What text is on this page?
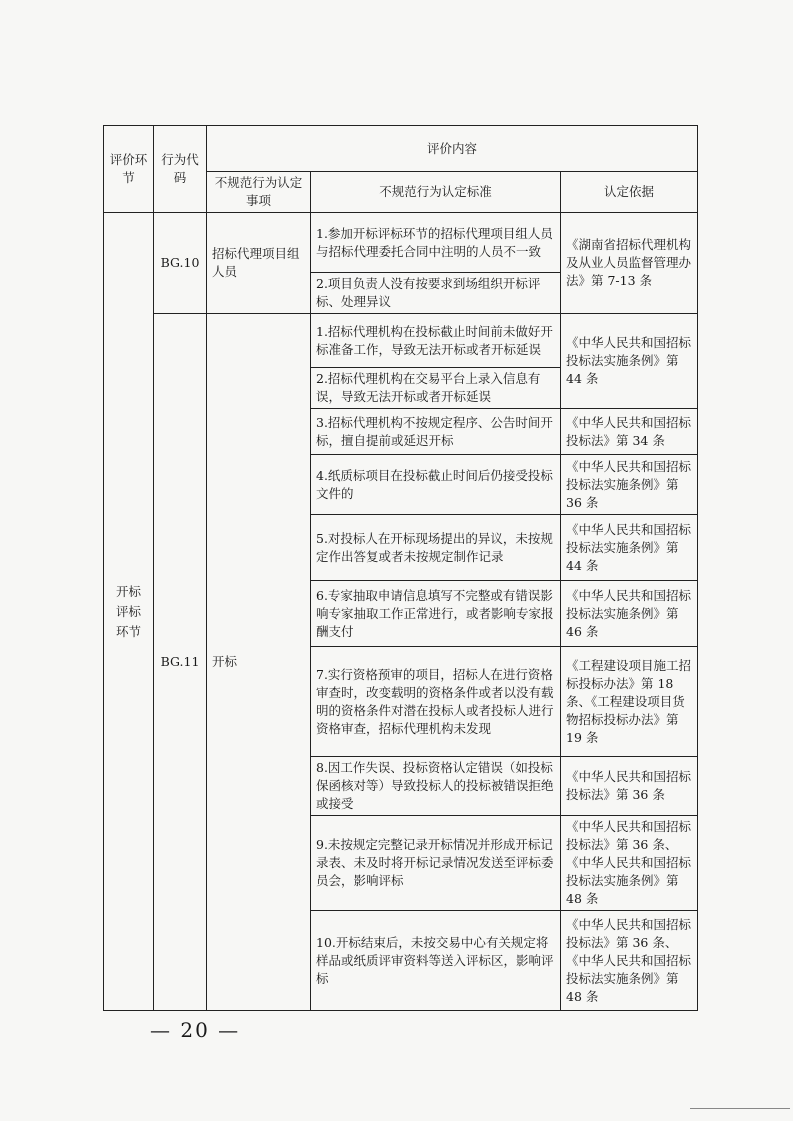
评价环节	行为代码	评价内容		
		不规范行为认定事项	不规范行为认定标准	认定依据
开标评标环节	BG.10	招标代理项目组人员	1.参加开标评标环节的招标代理项目组人员与招标代理委托合同中注明的人员不一致	《湖南省招标代理机构及从业人员监督管理办法》第 7-13 条
			2.项目负责人没有按要求到场组织开标评标、处理异议	
	BG.11	开标	1.招标代理机构在投标截止时间前未做好开标准备工作，导致无法开标或者开标延误	《中华人民共和国招标投标法实施条例》第 44 条
			2.招标代理机构在交易平台上录入信息有误，导致无法开标或者开标延误	
			3.招标代理机构不按规定程序、公告时间开标，擅自提前或延迟开标	《中华人民共和国招标投标法》第 34 条
			4.纸质标项目在投标截止时间后仍接受投标文件的	《中华人民共和国招标投标法实施条例》第 36 条
			5.对投标人在开标现场提出的异议，未按规定作出答复或者未按规定制作记录	《中华人民共和国招标投标法实施条例》第 44 条
			6.专家抽取申请信息填写不完整或有错误影响专家抽取工作正常进行，或者影响专家报酬支付	《中华人民共和国招标投标法实施条例》第 46 条
			7.实行资格预审的项目，招标人在进行资格审查时，改变载明的资格条件或者以没有载明的资格条件对潜在投标人或者投标人进行资格审查，招标代理机构未发现	《工程建设项目施工招标投标办法》第 18 条、《工程建设项目货物招标投标办法》第 19 条
			8.因工作失误、投标资格认定错误（如投标保函核对等）导致投标人的投标被错误拒绝或接受	《中华人民共和国招标投标法》第 36 条
			9.未按规定完整记录开标情况并形成开标记录表、未及时将开标记录情况发送至评标委员会，影响评标	《中华人民共和国招标投标法》第 36 条、《中华人民共和国招标投标法实施条例》第 48 条
			10.开标结束后，未按交易中心有关规定将样品或纸质评审资料等送入评标区，影响评标	《中华人民共和国招标投标法》第 36 条、《中华人民共和国招标投标法实施条例》第 48 条
— 20 —
